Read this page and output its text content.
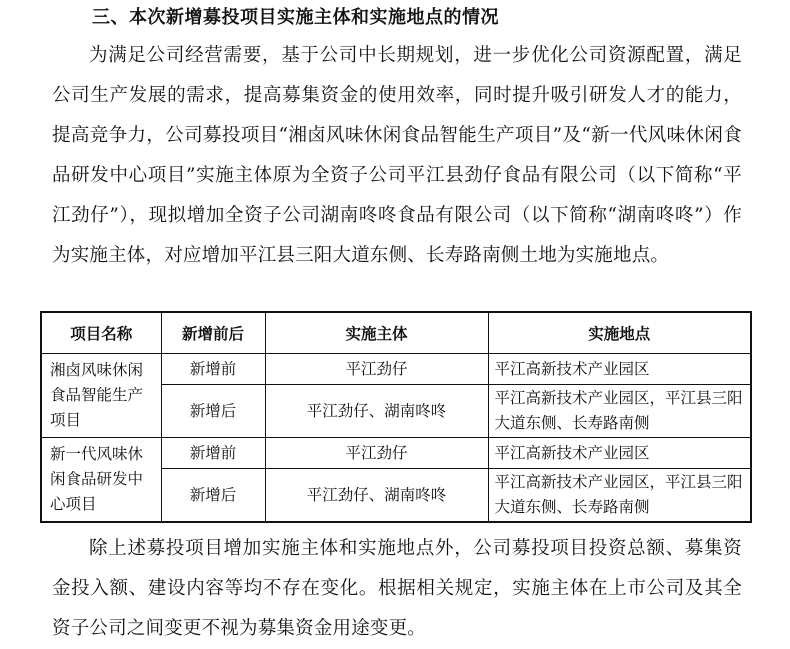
三、本次新增募投项目实施主体和实施地点的情况

为满足公司经营需要，基于公司中长期规划，进一步优化公司资源配置，满足公司生产发展的需求，提高募集资金的使用效率，同时提升吸引研发人才的能力，提高竞争力，公司募投项目“湘卤风味休闲食品智能生产项目”及“新一代风味休闲食品研发中心项目”实施主体原为全资子公司平江县劲仔食品有限公司（以下简称“平江劲仔”），现拟增加全资子公司湖南咚咚食品有限公司（以下简称“湖南咚咚”）作为实施主体，对应增加平江县三阳大道东侧、长寿路南侧土地为实施地点。

项目名称	新增前后	实施主体	实施地点
湘卤风味休闲食品智能生产项目	新增前	平江劲仔	平江高新技术产业园区
	新增后	平江劲仔、湖南咚咚	平江高新技术产业园区，平江县三阳大道东侧、长寿路南侧
新一代风味休闲食品研发中心项目	新增前	平江劲仔	平江高新技术产业园区
	新增后	平江劲仔、湖南咚咚	平江高新技术产业园区，平江县三阳大道东侧、长寿路南侧

除上述募投项目增加实施主体和实施地点外，公司募投项目投资总额、募集资金投入额、建设内容等均不存在变化。根据相关规定，实施主体在上市公司及其全资子公司之间变更不视为募集资金用途变更。
